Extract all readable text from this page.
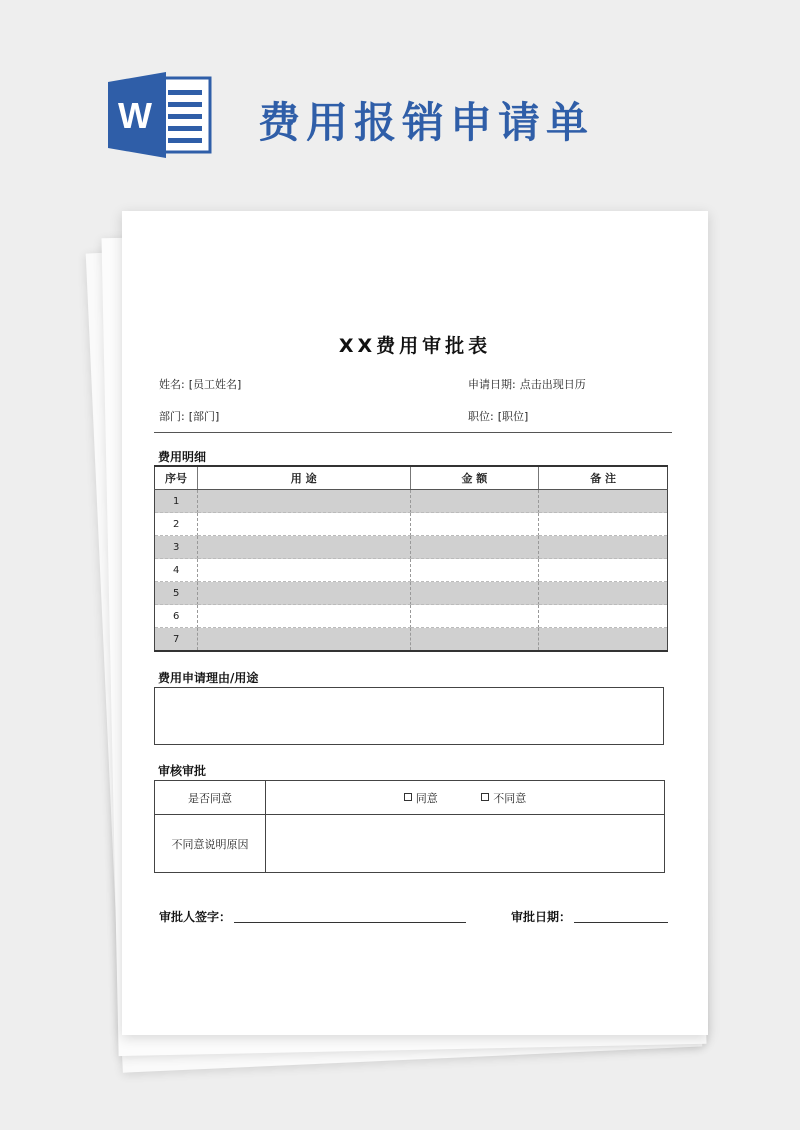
W	费用报销申请单
XX费用审批表
姓名: [员工姓名]	申请日期: 点击出现日历
部门: [部门]	职位: [职位]
费用明细
序号	用 途	金 额	备 注
1			
2			
3			
4			
5			
6			
7			
费用申请理由/用途
审核审批
是否同意	同意 不同意
不同意说明原因	
审批人签字：	审批日期：
